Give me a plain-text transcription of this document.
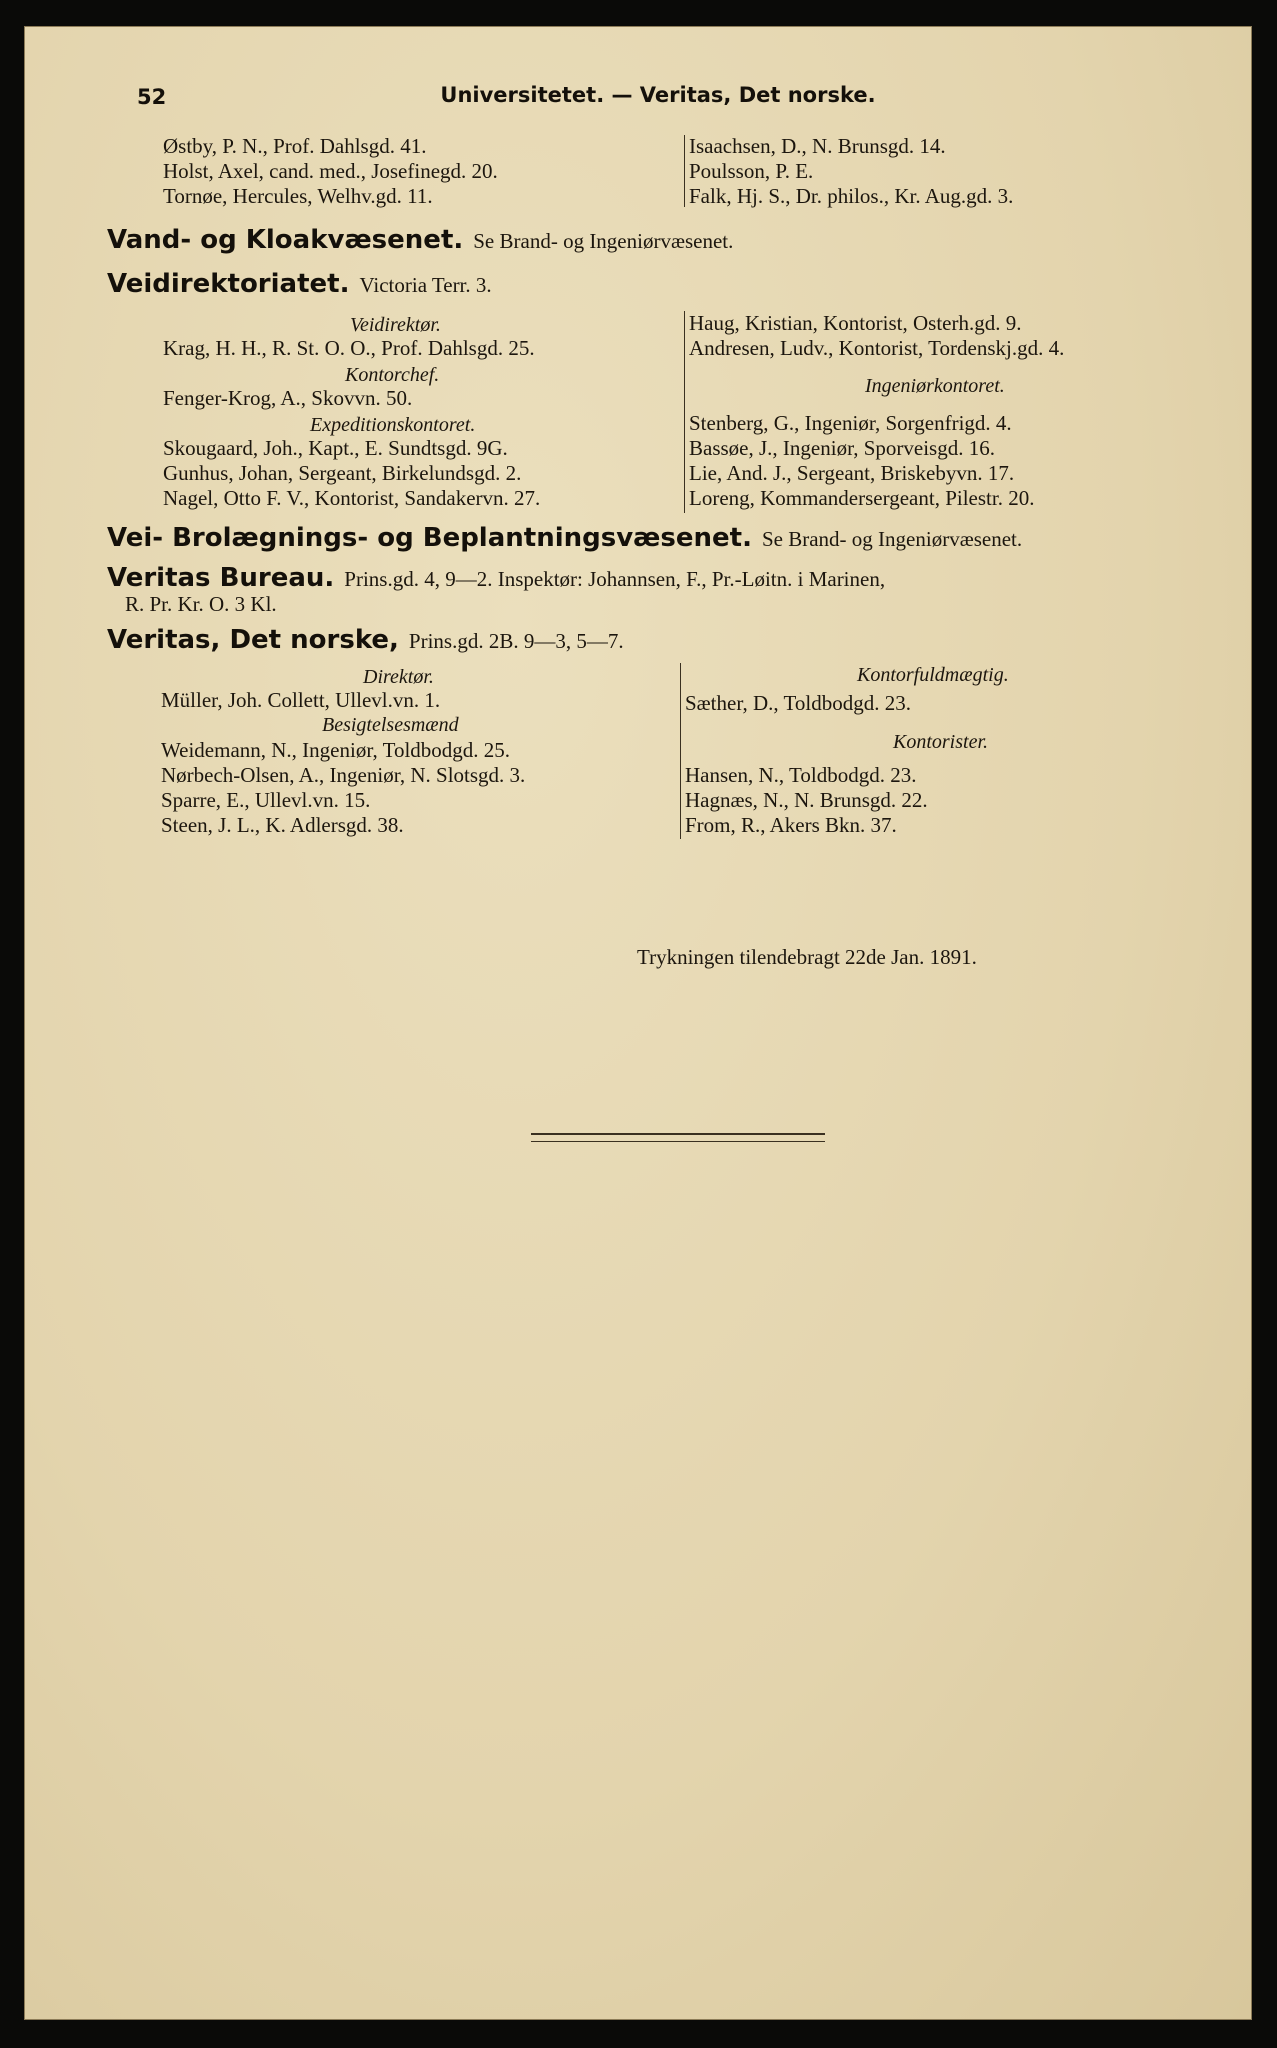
52	Universitetet. — Veritas, Det norske.
Østby, P. N., Prof. Dahlsgd. 41.
Holst, Axel, cand. med., Josefinegd. 20.
Tornøe, Hercules, Welhv.gd. 11.
Isaachsen, D., N. Brunsgd. 14.
Poulsson, P. E.
Falk, Hj. S., Dr. philos., Kr. Aug.gd. 3.
Vand- og Kloakvæsenet. Se Brand- og Ingeniørvæsenet.
Veidirektoriatet. Victoria Terr. 3.
Veidirektør.
Krag, H. H., R. St. O. O., Prof. Dahlsgd. 25.
Kontorchef.
Fenger-Krog, A., Skovvn. 50.
Expeditionskontoret.
Skougaard, Joh., Kapt., E. Sundtsgd. 9G.
Gunhus, Johan, Sergeant, Birkelundsgd. 2.
Nagel, Otto F. V., Kontorist, Sandakervn. 27.
Haug, Kristian, Kontorist, Osterh.gd. 9.
Andresen, Ludv., Kontorist, Tordenskj.gd. 4.
Ingeniørkontoret.
Stenberg, G., Ingeniør, Sorgenfrigd. 4.
Bassøe, J., Ingeniør, Sporveisgd. 16.
Lie, And. J., Sergeant, Briskebyvn. 17.
Loreng, Kommandersergeant, Pilestr. 20.
Vei- Brolægnings- og Beplantningsvæsenet. Se Brand- og Ingeniørvæsenet.
Veritas Bureau. Prins.gd. 4, 9—2. Inspektør: Johannsen, F., Pr.-Løitn. i Marinen,
R. Pr. Kr. O. 3 Kl.
Veritas, Det norske, Prins.gd. 2B. 9—3, 5—7.
Direktør.
Müller, Joh. Collett, Ullevl.vn. 1.
Besigtelsesmænd
Weidemann, N., Ingeniør, Toldbodgd. 25.
Nørbech-Olsen, A., Ingeniør, N. Slotsgd. 3.
Sparre, E., Ullevl.vn. 15.
Steen, J. L., K. Adlersgd. 38.
Kontorfuldmægtig.
Sæther, D., Toldbodgd. 23.
Kontorister.
Hansen, N., Toldbodgd. 23.
Hagnæs, N., N. Brunsgd. 22.
From, R., Akers Bkn. 37.
Trykningen tilendebragt 22de Jan. 1891.
